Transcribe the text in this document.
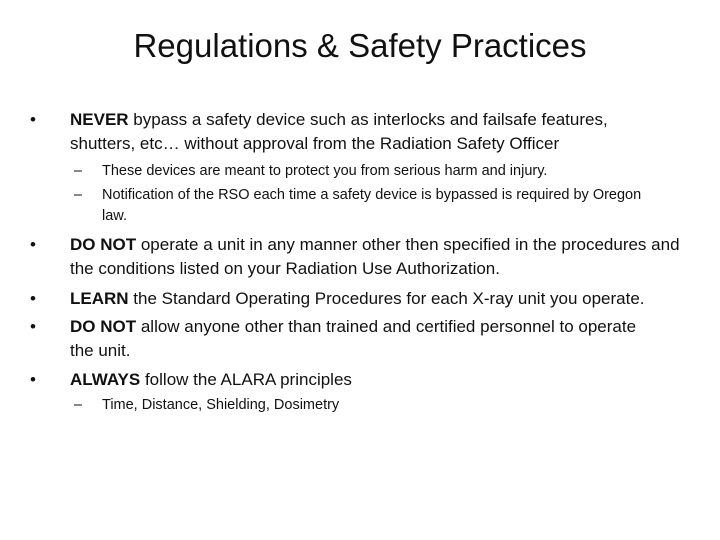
Regulations & Safety Practices
• NEVER bypass a safety device such as interlocks and failsafe features, shutters, etc… without approval from the Radiation Safety Officer
– These devices are meant to protect you from serious harm and injury.
– Notification of the RSO each time a safety device is bypassed is required by Oregon law.
• DO NOT operate a unit in any manner other then specified in the procedures and the conditions listed on your Radiation Use Authorization.
• LEARN the Standard Operating Procedures for each X-ray unit you operate.
• DO NOT allow anyone other than trained and certified personnel to operate the unit.
• ALWAYS follow the ALARA principles
– Time, Distance, Shielding, Dosimetry
